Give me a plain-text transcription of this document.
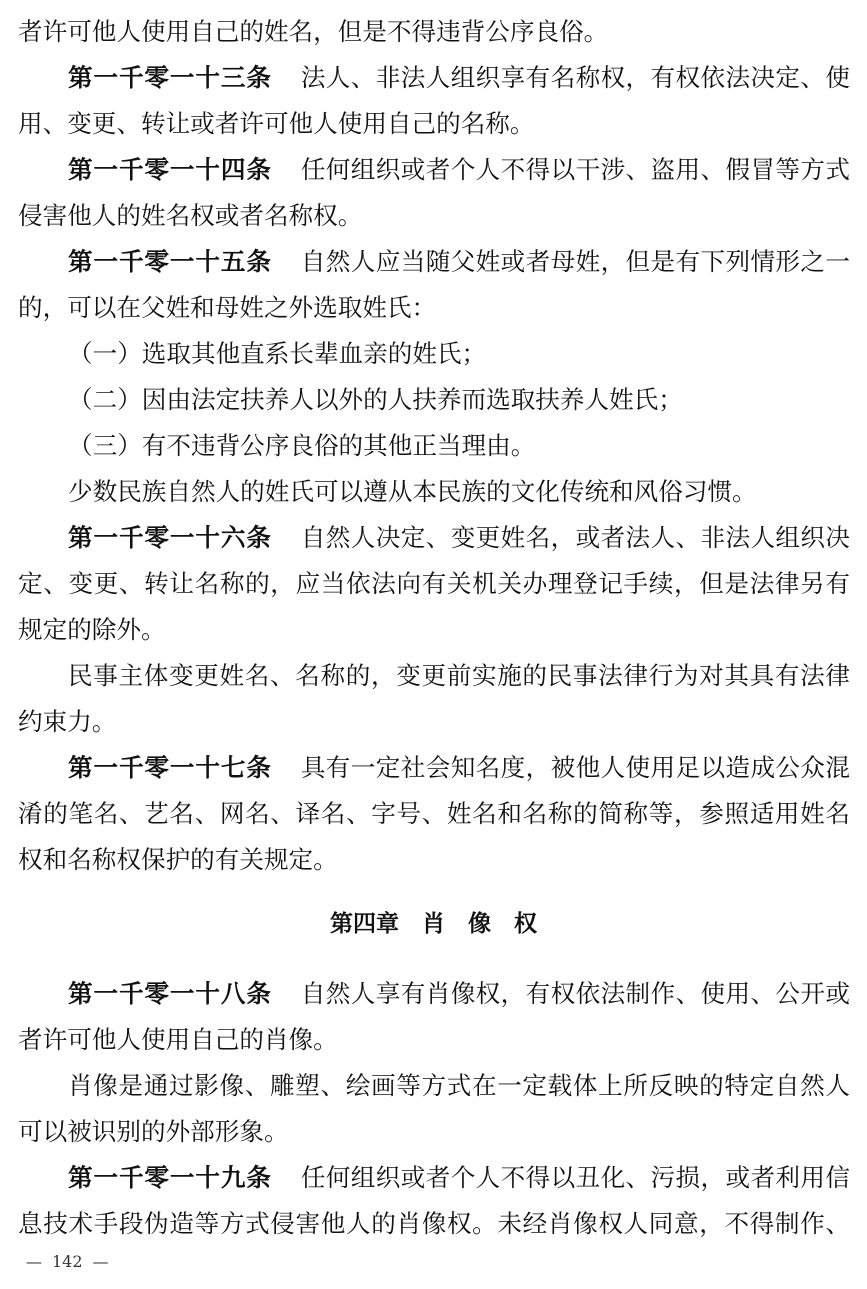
者许可他人使用自己的姓名，但是不得违背公序良俗。
第一千零一十三条 法人、非法人组织享有名称权，有权依法决定、使
用、变更、转让或者许可他人使用自己的名称。
第一千零一十四条 任何组织或者个人不得以干涉、盗用、假冒等方式
侵害他人的姓名权或者名称权。
第一千零一十五条 自然人应当随父姓或者母姓，但是有下列情形之一
的，可以在父姓和母姓之外选取姓氏：
（一）选取其他直系长辈血亲的姓氏；
（二）因由法定扶养人以外的人扶养而选取扶养人姓氏；
（三）有不违背公序良俗的其他正当理由。
少数民族自然人的姓氏可以遵从本民族的文化传统和风俗习惯。
第一千零一十六条 自然人决定、变更姓名，或者法人、非法人组织决
定、变更、转让名称的，应当依法向有关机关办理登记手续，但是法律另有
规定的除外。
民事主体变更姓名、名称的，变更前实施的民事法律行为对其具有法律
约束力。
第一千零一十七条 具有一定社会知名度，被他人使用足以造成公众混
淆的笔名、艺名、网名、译名、字号、姓名和名称的简称等，参照适用姓名
权和名称权保护的有关规定。
第四章　肖　像　权
第一千零一十八条 自然人享有肖像权，有权依法制作、使用、公开或
者许可他人使用自己的肖像。
肖像是通过影像、雕塑、绘画等方式在一定载体上所反映的特定自然人
可以被识别的外部形象。
第一千零一十九条 任何组织或者个人不得以丑化、污损，或者利用信
息技术手段伪造等方式侵害他人的肖像权。未经肖像权人同意，不得制作、
— 142 —
